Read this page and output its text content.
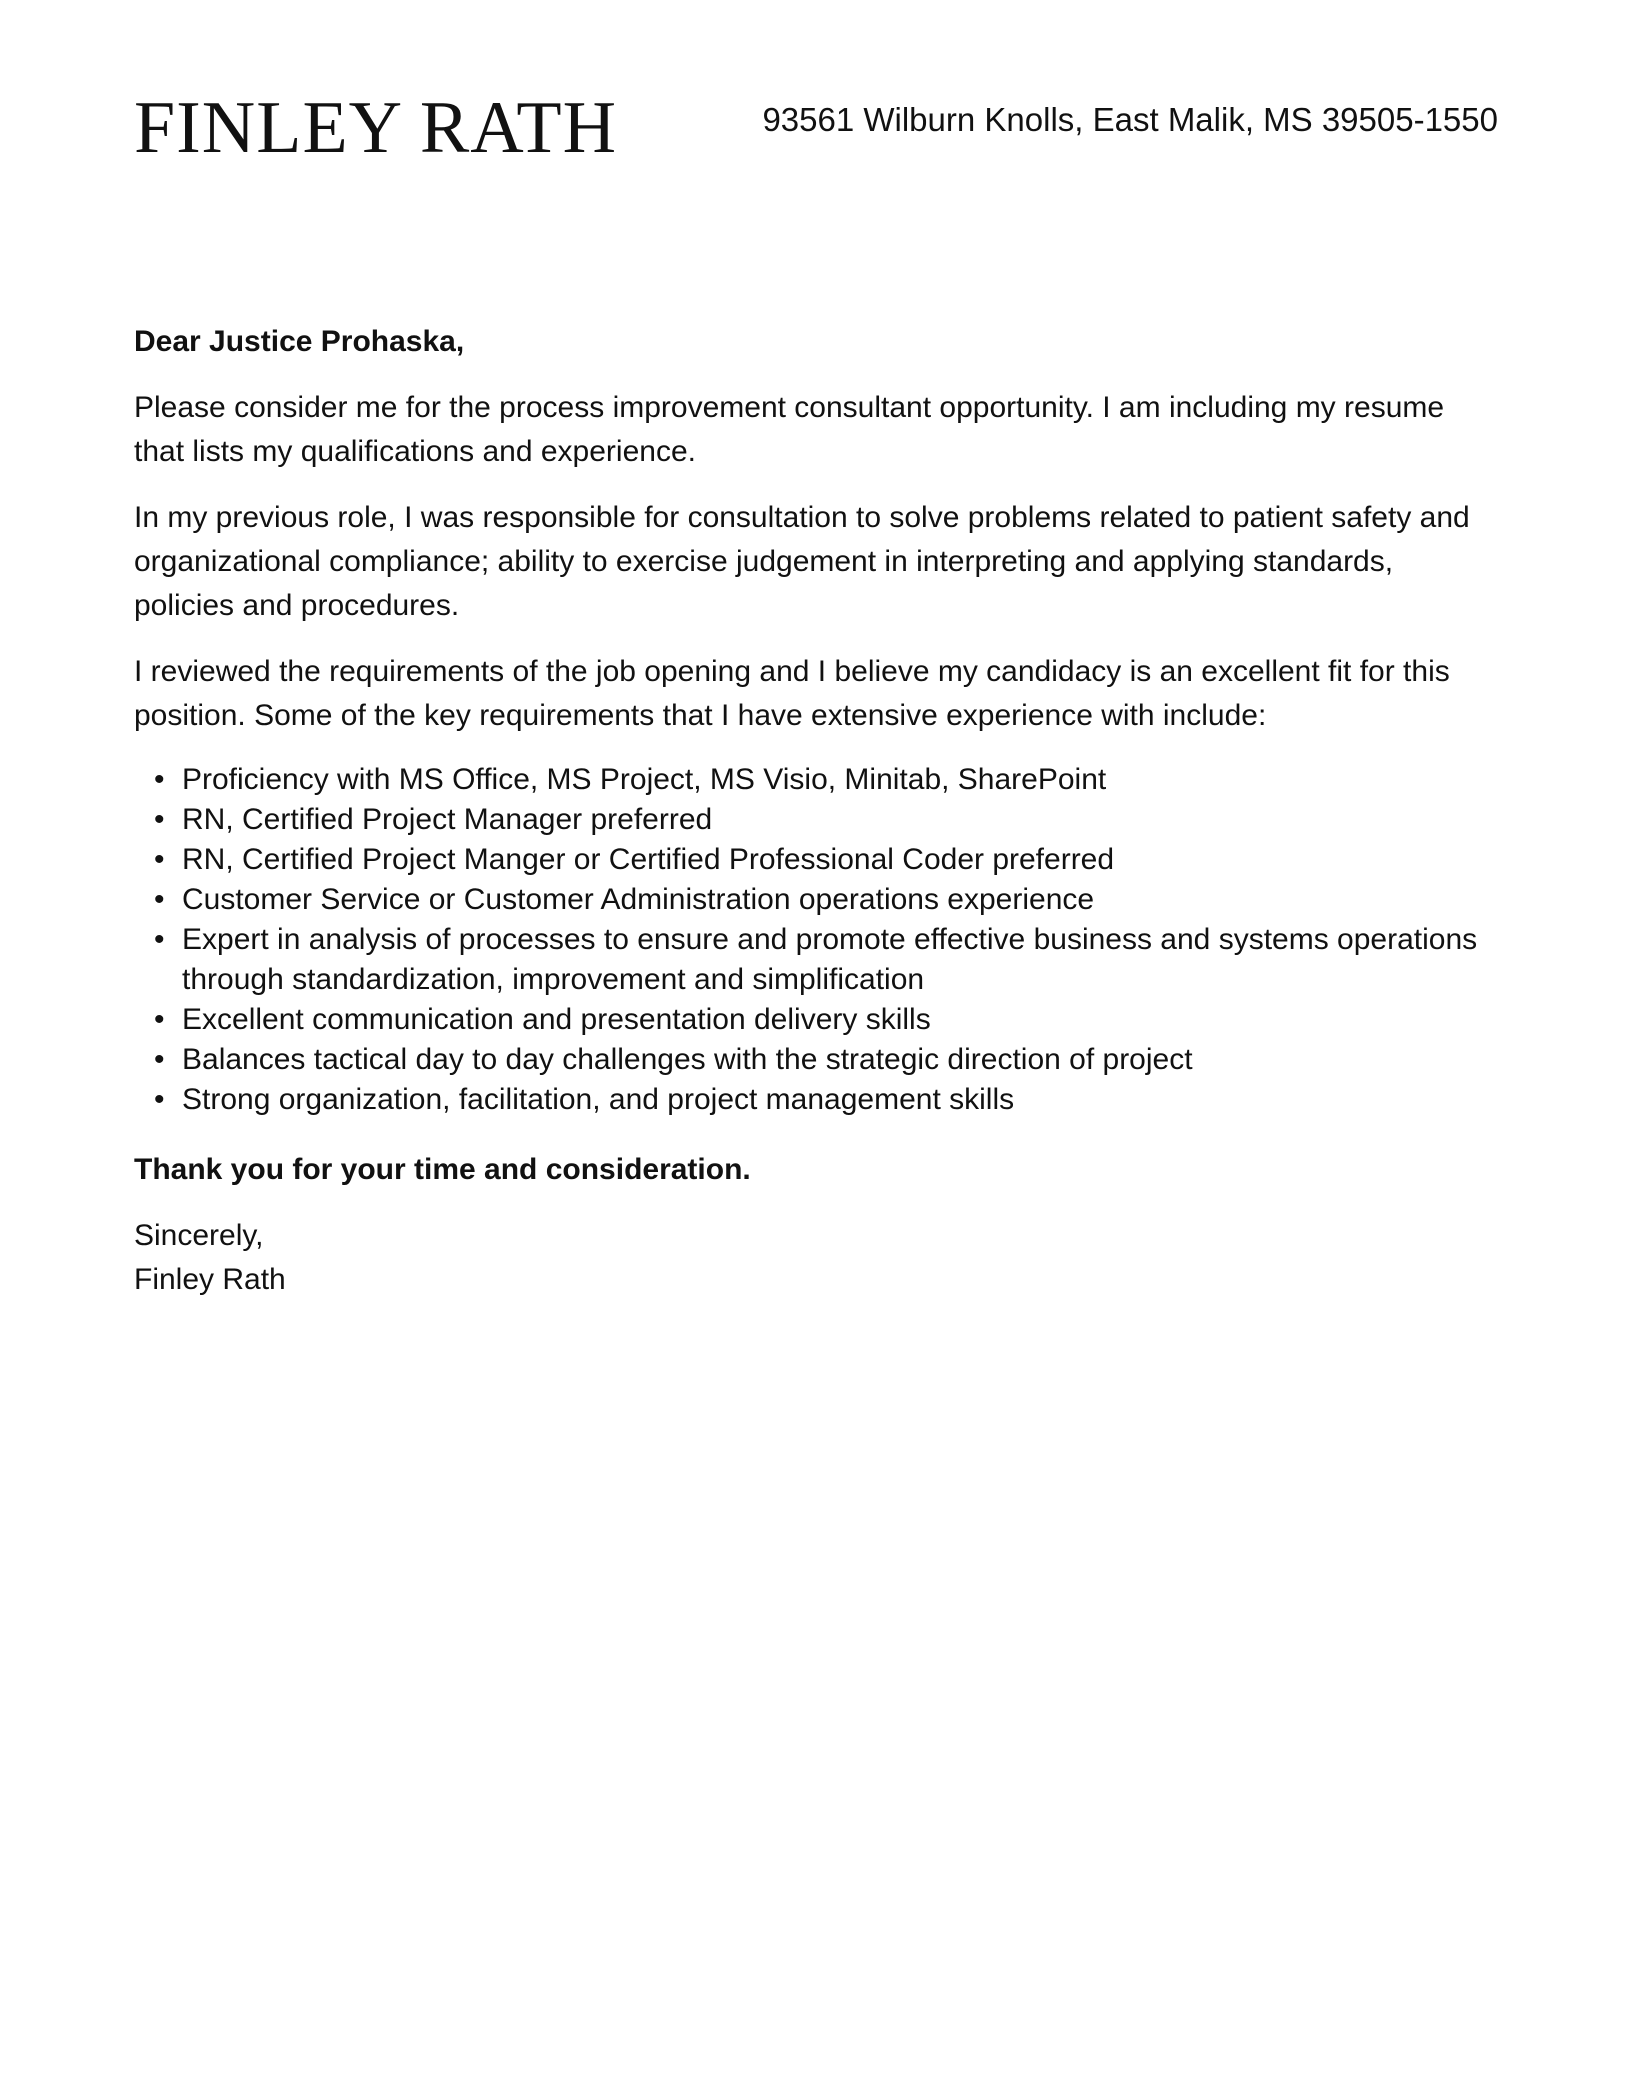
FINLEY RATH	93561 Wilburn Knolls, East Malik, MS 39505-1550

Dear Justice Prohaska,

Please consider me for the process improvement consultant opportunity. I am including my resume that lists my qualifications and experience.

In my previous role, I was responsible for consultation to solve problems related to patient safety and organizational compliance; ability to exercise judgement in interpreting and applying standards, policies and procedures.

I reviewed the requirements of the job opening and I believe my candidacy is an excellent fit for this position. Some of the key requirements that I have extensive experience with include:

• Proficiency with MS Office, MS Project, MS Visio, Minitab, SharePoint
• RN, Certified Project Manager preferred
• RN, Certified Project Manger or Certified Professional Coder preferred
• Customer Service or Customer Administration operations experience
• Expert in analysis of processes to ensure and promote effective business and systems operations through standardization, improvement and simplification
• Excellent communication and presentation delivery skills
• Balances tactical day to day challenges with the strategic direction of project
• Strong organization, facilitation, and project management skills

Thank you for your time and consideration.

Sincerely,

Finley Rath
